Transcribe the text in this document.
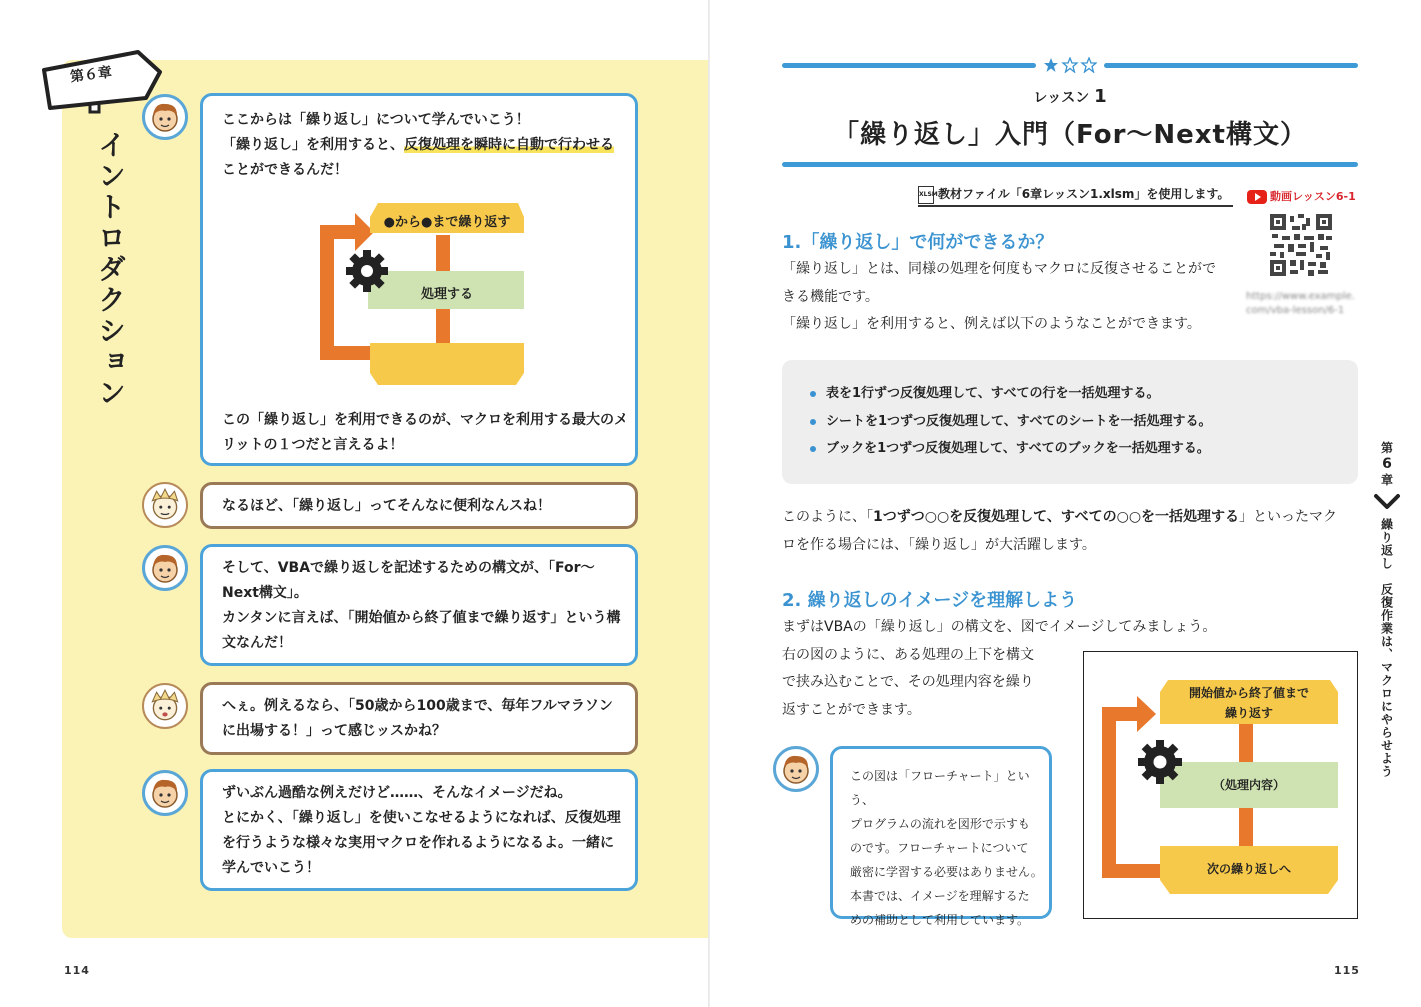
第６章
イントロダクション

ここからは「繰り返し」について学んでいこう！

「繰り返し」を利用すると、反復処理を瞬時に自動で行わせる

ことができるんだ！

この「繰り返し」を利用できるのが、マクロを利用する最大のメ

リットの１つだと言えるよ！

●から●まで繰り返す
処理する

なるほど、「繰り返し」ってそんなに便利なんスね！

そして、VBAで繰り返しを記述するための構文が、「For～

Next構文」。

カンタンに言えば、「開始値から終了値まで繰り返す」という構

文なんだ！

へぇ。例えるなら、「50歳から100歳まで、毎年フルマラソン

に出場する！」って感じッスかね？

ずいぶん過酷な例えだけど……、そんなイメージだね。

とにかく、「繰り返し」を使いこなせるようになれば、反復処理

を行うような様々な実用マクロを作れるようになるよ。一緒に

学んでいこう！

114
レッスン 1
「繰り返し」入門（For～Next構文）
XLSM教材ファイル「6章レッスン1.xlsm」を使用します。	動画レッスン6-1
https://www.example.com/vba-lesson/6-1
1.「繰り返し」で何ができるか？
「繰り返し」とは、同様の処理を何度もマクロに反復させることがで
きる機能です。
「繰り返し」を利用すると、例えば以下のようなことができます。
表を1行ずつ反復処理して、すべての行を一括処理する。
シートを1つずつ反復処理して、すべてのシートを一括処理する。
ブックを1つずつ反復処理して、すべてのブックを一括処理する。
このように、「1つずつ○○を反復処理して、すべての○○を一括処理する」といったマク
ロを作る場合には、「繰り返し」が大活躍します。
2. 繰り返しのイメージを理解しよう
まずはVBAの「繰り返し」の構文を、図でイメージしてみましょう。
右の図のように、ある処理の上下を構文
で挟み込むことで、その処理内容を繰り
返すことができます。

この図は「フローチャート」という、

プログラムの流れを図形で示すも

のです。フローチャートについて

厳密に学習する必要はありません。

本書では、イメージを理解するた

めの補助として利用しています。

開始値から終了値まで
繰り返す
（処理内容）
次の繰り返しへ
第
6
章
繰り返し　反復作業は、マクロにやらせよう
115
